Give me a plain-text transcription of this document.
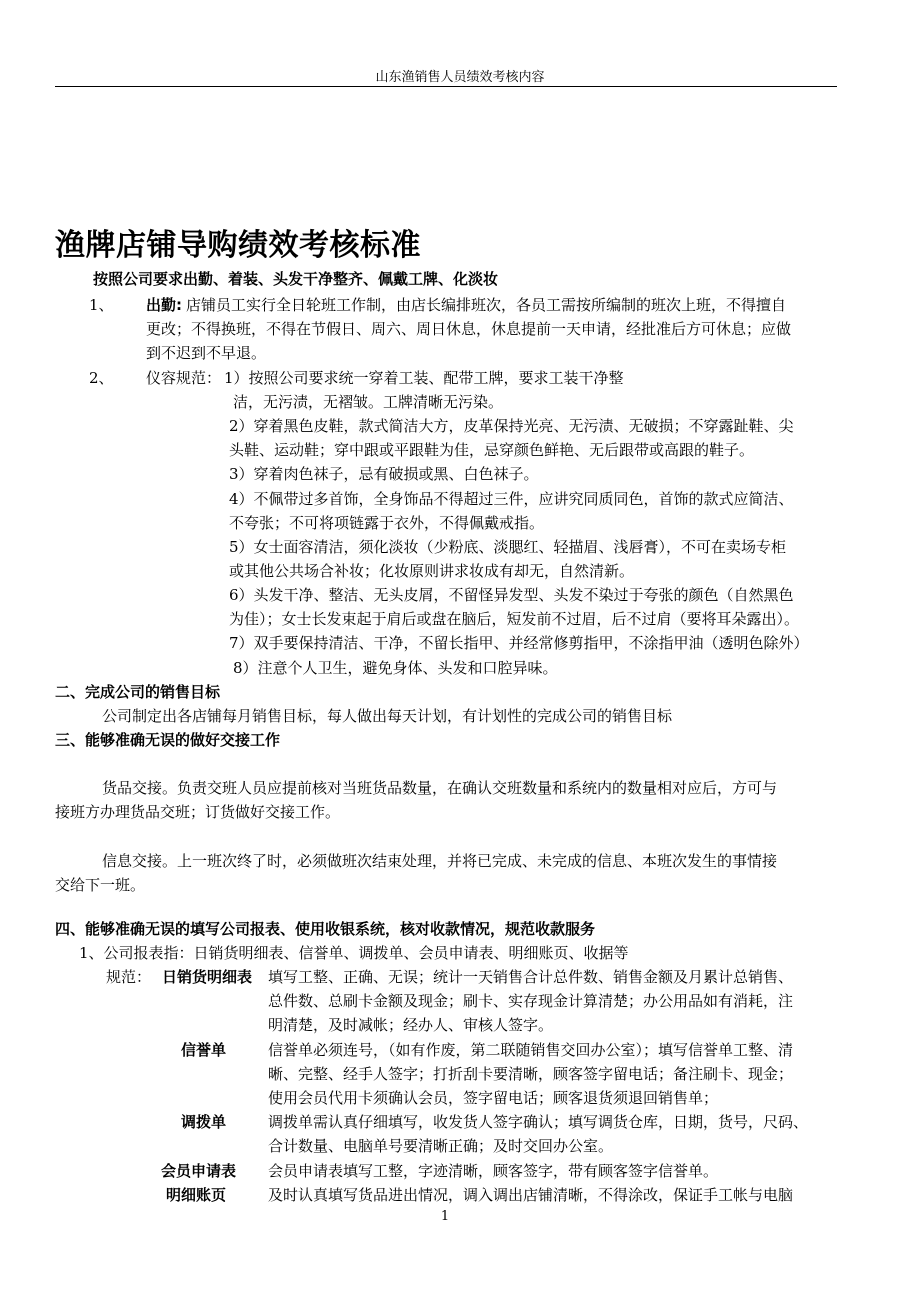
山东渔销售人员绩效考核内容
渔牌店铺导购绩效考核标准
按照公司要求出勤、着装、头发干净整齐、佩戴工牌、化淡妆
1、 出勤: 店铺员工实行全日轮班工作制，由店长编排班次，各员工需按所编制的班次上班，不得擅自
更改；不得换班，不得在节假日、周六、周日休息，休息提前一天申请，经批准后方可休息；应做
到不迟到不早退。
2、 仪容规范： 1）按照公司要求统一穿着工装、配带工牌，要求工装干净整
洁，无污渍，无褶皱。工牌清晰无污染。
2）穿着黑色皮鞋，款式简洁大方，皮革保持光亮、无污渍、无破损；不穿露趾鞋、尖
头鞋、运动鞋；穿中跟或平跟鞋为佳，忌穿颜色鲜艳、无后跟带或高跟的鞋子。
3）穿着肉色袜子，忌有破损或黑、白色袜子。
4）不佩带过多首饰，全身饰品不得超过三件，应讲究同质同色，首饰的款式应简洁、
不夸张；不可将项链露于衣外，不得佩戴戒指。
5）女士面容清洁，须化淡妆（少粉底、淡腮红、轻描眉、浅唇膏），不可在卖场专柜
或其他公共场合补妆；化妆原则讲求妆成有却无，自然清新。
6）头发干净、整洁、无头皮屑，不留怪异发型、头发不染过于夸张的颜色（自然黑色
为佳）；女士长发束起于肩后或盘在脑后，短发前不过眉，后不过肩（要将耳朵露出）。
7）双手要保持清洁、干净，不留长指甲、并经常修剪指甲，不涂指甲油（透明色除外）
8）注意个人卫生，避免身体、头发和口腔异味。
二、完成公司的销售目标
公司制定出各店铺每月销售目标，每人做出每天计划，有计划性的完成公司的销售目标
三、能够准确无误的做好交接工作
货品交接。负责交班人员应提前核对当班货品数量，在确认交班数量和系统内的数量相对应后，方可与
接班方办理货品交班；订货做好交接工作。
信息交接。上一班次终了时，必须做班次结束处理，并将已完成、未完成的信息、本班次发生的事情接
交给下一班。
四、能够准确无误的填写公司报表、使用收银系统，核对收款情况，规范收款服务
1、公司报表指：日销货明细表、信誉单、调拨单、会员申请表、明细账页、收据等
规范： 日销货明细表 填写工整、正确、无误；统计一天销售合计总件数、销售金额及月累计总销售、
总件数、总刷卡金额及现金；刷卡、实存现金计算清楚；办公用品如有消耗，注
明清楚，及时减帐；经办人、审核人签字。
信誉单	信誉单必须连号，（如有作废，第二联随销售交回办公室）；填写信誉单工整、清
晰、完整、经手人签字；打折刮卡要清晰，顾客签字留电话；备注刷卡、现金；
使用会员代用卡须确认会员，签字留电话；顾客退货须退回销售单；
调拨单	调拨单需认真仔细填写，收发货人签字确认；填写调货仓库，日期，货号，尺码、
合计数量、电脑单号要清晰正确；及时交回办公室。
会员申请表 会员申请表填写工整，字迹清晰，顾客签字，带有顾客签字信誉单。
明细账页	及时认真填写货品进出情况，调入调出店铺清晰，不得涂改，保证手工帐与电脑
1
